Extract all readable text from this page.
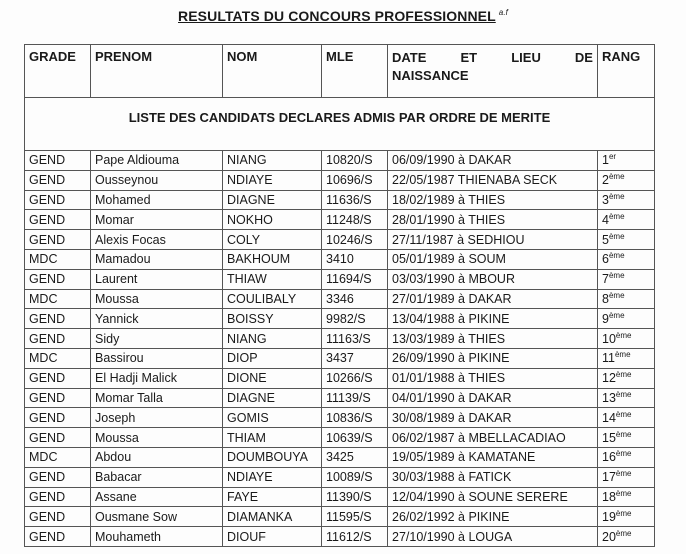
RESULTATS DU CONCOURS PROFESSIONNEL $^{a.f}$
GRADE	PRENOM	NOM	MLE	DATE ET LIEU DE
NAISSANCE	RANG
LISTE DES CANDIDATS DECLARES ADMIS PAR ORDRE DE MERITE					

GEND	Pape Aldiouma	NIANG	10820/S	06/09/1990 à DAKAR	1er
GEND	Ousseynou	NDIAYE	10696/S	22/05/1987 THIENABA SECK	2ème
GEND	Mohamed	DIAGNE	11636/S	18/02/1989 à THIES	3ème
GEND	Momar	NOKHO	11248/S	28/01/1990 à THIES	4ème
GEND	Alexis Focas	COLY	10246/S	27/11/1987 à SEDHIOU	5ème
MDC	Mamadou	BAKHOUM	3410	05/01/1989 à SOUM	6ème
GEND	Laurent	THIAW	11694/S	03/03/1990 à MBOUR	7ème
MDC	Moussa	COULIBALY	3346	27/01/1989 à DAKAR	8ème
GEND	Yannick	BOISSY	9982/S	13/04/1988 à PIKINE	9ème
GEND	Sidy	NIANG	11163/S	13/03/1989 à THIES	10ème
MDC	Bassirou	DIOP	3437	26/09/1990 à PIKINE	11ème
GEND	El Hadji Malick	DIONE	10266/S	01/01/1988 à THIES	12ème
GEND	Momar Talla	DIAGNE	11139/S	04/01/1990 à DAKAR	13ème
GEND	Joseph	GOMIS	10836/S	30/08/1989 à DAKAR	14ème
GEND	Moussa	THIAM	10639/S	06/02/1987 à MBELLACADIAO	15ème
MDC	Abdou	DOUMBOUYA	3425	19/05/1989 à KAMATANE	16ème
GEND	Babacar	NDIAYE	10089/S	30/03/1988 à FATICK	17ème
GEND	Assane	FAYE	11390/S	12/04/1990 à SOUNE SERERE	18ème
GEND	Ousmane Sow	DIAMANKA	11595/S	26/02/1992 à PIKINE	19ème
GEND	Mouhameth	DIOUF	11612/S	27/10/1990 à LOUGA	20ème
